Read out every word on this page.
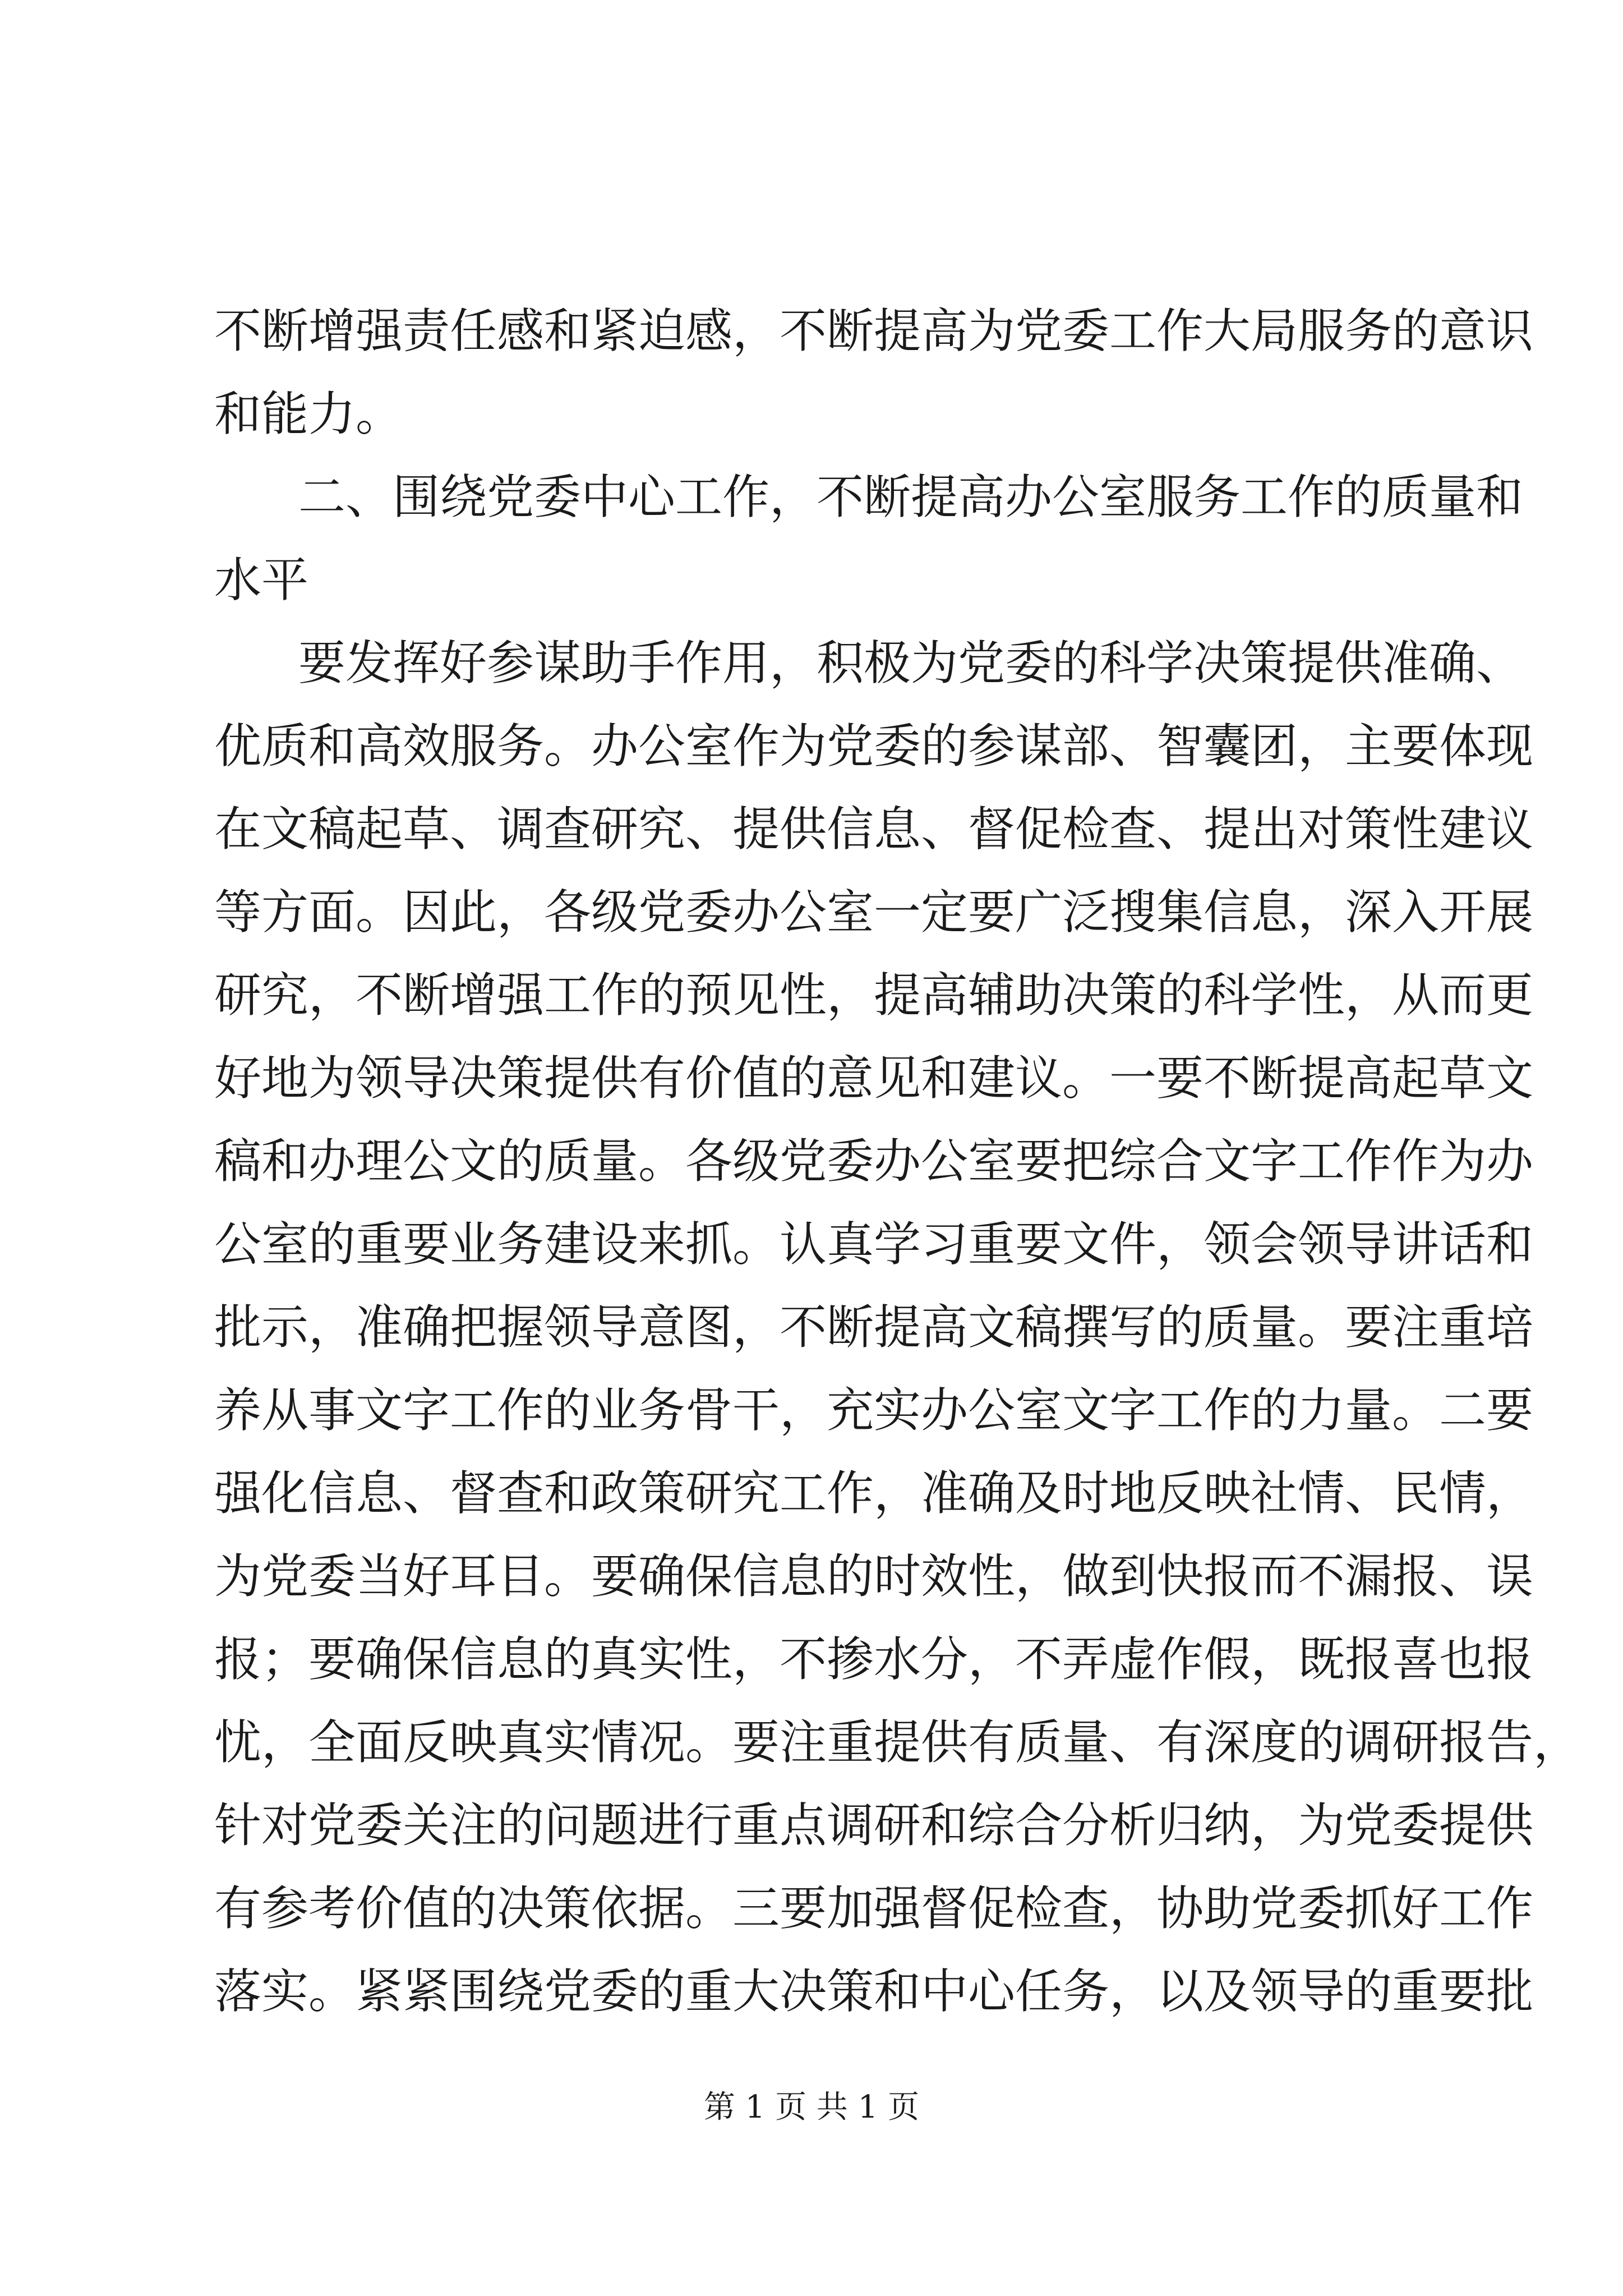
不断增强责任感和紧迫感，不断提高为党委工作大局服务的意识
和能力。
二、围绕党委中心工作，不断提高办公室服务工作的质量和
水平
要发挥好参谋助手作用，积极为党委的科学决策提供准确、
优质和高效服务。办公室作为党委的参谋部、智囊团，主要体现
在文稿起草、调查研究、提供信息、督促检查、提出对策性建议
等方面。因此，各级党委办公室一定要广泛搜集信息，深入开展
研究，不断增强工作的预见性，提高辅助决策的科学性，从而更
好地为领导决策提供有价值的意见和建议。一要不断提高起草文
稿和办理公文的质量。各级党委办公室要把综合文字工作作为办
公室的重要业务建设来抓。认真学习重要文件，领会领导讲话和
批示，准确把握领导意图，不断提高文稿撰写的质量。要注重培
养从事文字工作的业务骨干，充实办公室文字工作的力量。二要
强化信息、督查和政策研究工作，准确及时地反映社情、民情，
为党委当好耳目。要确保信息的时效性，做到快报而不漏报、误
报；要确保信息的真实性，不掺水分，不弄虚作假，既报喜也报
忧，全面反映真实情况。要注重提供有质量、有深度的调研报告，
针对党委关注的问题进行重点调研和综合分析归纳，为党委提供
有参考价值的决策依据。三要加强督促检查，协助党委抓好工作
落实。紧紧围绕党委的重大决策和中心任务，以及领导的重要批
第 1 页 共 1 页
